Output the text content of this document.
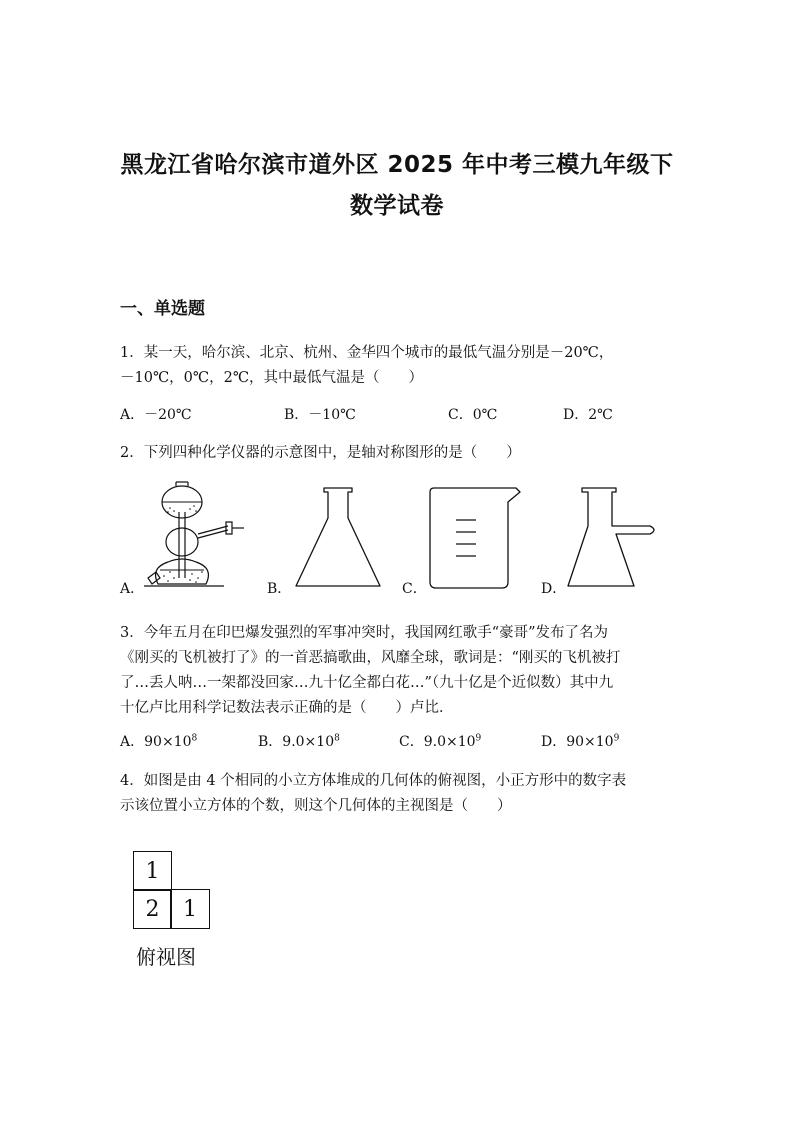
黑龙江省哈尔滨市道外区 2025 年中考三模九年级下
数学试卷
一、单选题
1．某一天，哈尔滨、北京、杭州、金华四个城市的最低气温分别是－20℃，
－10℃，0℃，2℃，其中最低气温是（　　）
A．－20℃	B．－10℃	C．0℃	D．2℃
2．下列四种化学仪器的示意图中，是轴对称图形的是（　　）
A．	B．	C．	D．
3．今年五月在印巴爆发强烈的军事冲突时，我国网红歌手“豪哥”发布了名为
《刚买的飞机被打了》的一首恶搞歌曲，风靡全球，歌词是：“刚买的飞机被打
了…丢人呐…一架都没回家…九十亿全都白花…”（九十亿是个近似数）其中九
十亿卢比用科学记数法表示正确的是（　　）卢比．
A．$90\times 10^8$	B．$9.0\times 10^8$	C．$9.0\times 10^9$	D．$90\times 10^9$
4．如图是由 4 个相同的小立方体堆成的几何体的俯视图，小正方形中的数字表
示该位置小立方体的个数，则这个几何体的主视图是（　　）
1
2	1
俯视图
